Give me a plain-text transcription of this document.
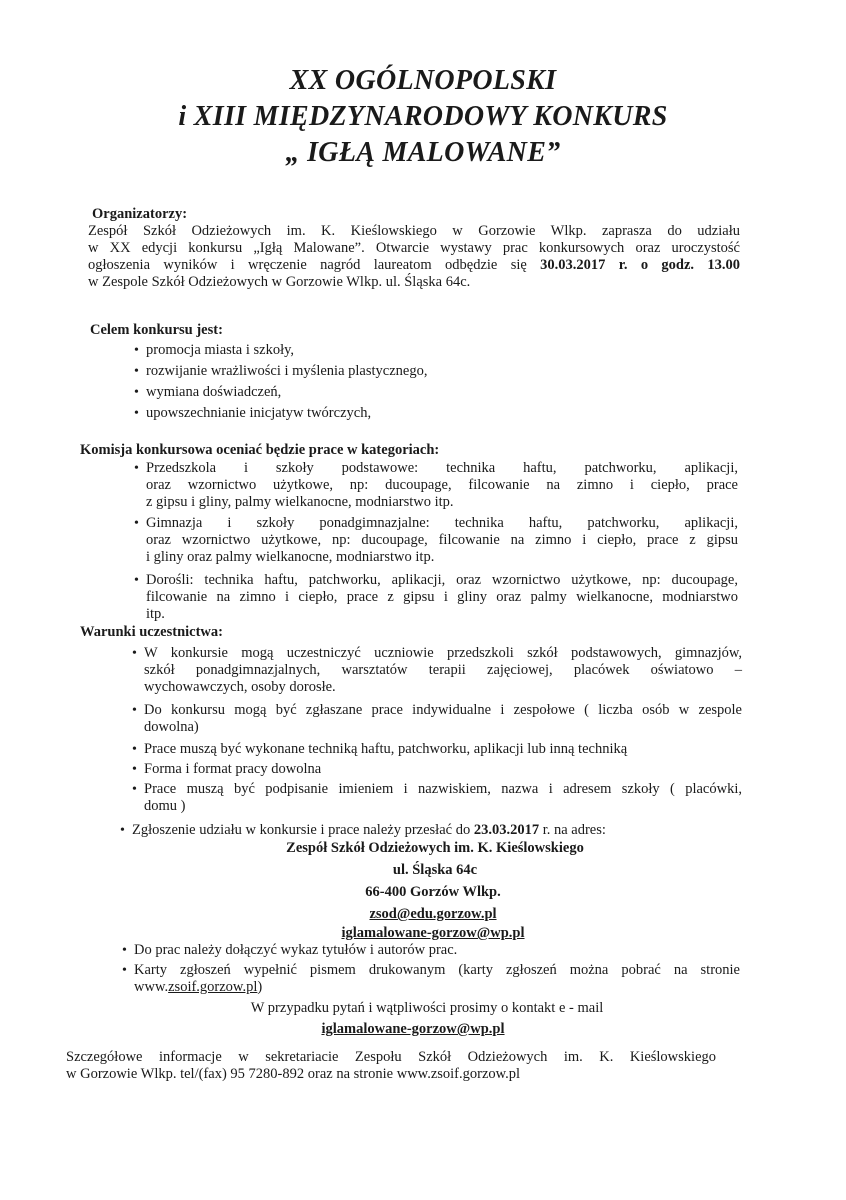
XX OGÓLNOPOLSKI
i XIII MIĘDZYNARODOWY KONKURS
„ IGŁĄ MALOWANE”
Organizatorzy:
Zespół Szkół Odzieżowych im. K. Kieślowskiego w Gorzowie Wlkp. zaprasza do udziału
w XX edycji konkursu „Igłą Malowane”. Otwarcie wystawy prac konkursowych oraz uroczystość
ogłoszenia wyników i wręczenie nagród laureatom odbędzie się 30.03.2017 r. o godz. 13.00
w Zespole Szkół Odzieżowych w Gorzowie Wlkp. ul. Śląska 64c.
Celem konkursu jest:
• promocja miasta i szkoły,
• rozwijanie wrażliwości i myślenia plastycznego,
• wymiana doświadczeń,
• upowszechnianie inicjatyw twórczych,
Komisja konkursowa oceniać będzie prace w kategoriach:
• Przedszkola i szkoły podstawowe: technika haftu, patchworku, aplikacji,
oraz wzornictwo użytkowe, np: ducoupage, filcowanie na zimno i ciepło, prace
z gipsu i gliny, palmy wielkanocne, modniarstwo itp.
• Gimnazja i szkoły ponadgimnazjalne: technika haftu, patchworku, aplikacji,
oraz wzornictwo użytkowe, np: ducoupage, filcowanie na zimno i ciepło, prace z gipsu
i gliny oraz palmy wielkanocne, modniarstwo itp.
• Dorośli: technika haftu, patchworku, aplikacji, oraz wzornictwo użytkowe, np: ducoupage,
filcowanie na zimno i ciepło, prace z gipsu i gliny oraz palmy wielkanocne, modniarstwo
itp.
Warunki uczestnictwa:
• W konkursie mogą uczestniczyć uczniowie przedszkoli szkół podstawowych, gimnazjów,
szkół ponadgimnazjalnych, warsztatów terapii zajęciowej, placówek oświatowo –
wychowawczych, osoby dorosłe.
• Do konkursu mogą być zgłaszane prace indywidualne i zespołowe ( liczba osób w zespole
dowolna)
• Prace muszą być wykonane techniką haftu, patchworku, aplikacji lub inną techniką
• Forma i format pracy dowolna
• Prace muszą być podpisanie imieniem i nazwiskiem, nazwa i adresem szkoły ( placówki,
domu )
• Zgłoszenie udziału w konkursie i prace należy przesłać do 23.03.2017 r. na adres:
Zespół Szkół Odzieżowych im. K. Kieślowskiego
ul. Śląska 64c
66-400 Gorzów Wlkp.
zsod@edu.gorzow.pl
iglamalowane-gorzow@wp.pl
• Do prac należy dołączyć wykaz tytułów i autorów prac.
• Karty zgłoszeń wypełnić pismem drukowanym (karty zgłoszeń można pobrać na stronie
www.zsoif.gorzow.pl)
W przypadku pytań i wątpliwości prosimy o kontakt e - mail
iglamalowane-gorzow@wp.pl
Szczegółowe informacje w sekretariacie Zespołu Szkół Odzieżowych im. K. Kieślowskiego
w Gorzowie Wlkp. tel/(fax) 95 7280-892 oraz na stronie www.zsoif.gorzow.pl
